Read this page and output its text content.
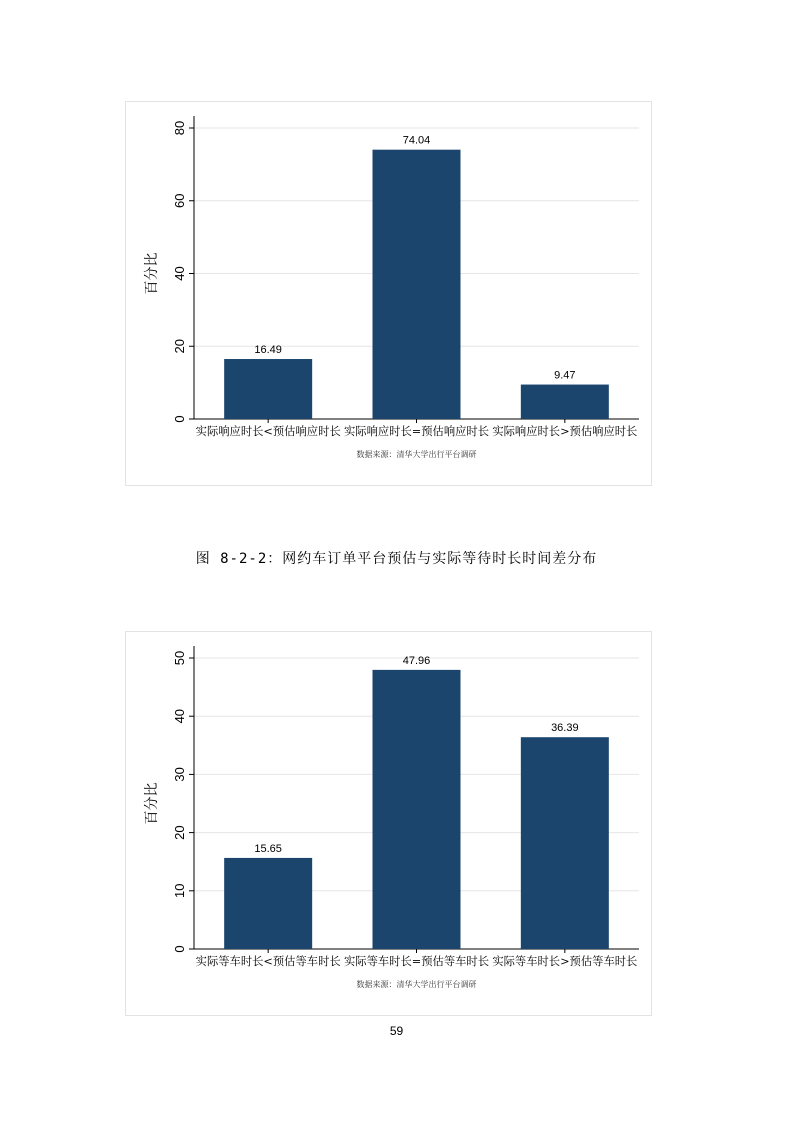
0
20
40
60
80
百分比
16.49
实际响应时长<预估响应时长
74.04
实际响应时长=预估响应时长
9.47
实际响应时长>预估响应时长
数据来源：清华大学出行平台调研
图 8-2-2：网约车订单平台预估与实际等待时长时间差分布
0
10
20
30
40
50
百分比
15.65
实际等车时长<预估等车时长
47.96
实际等车时长=预估等车时长
36.39
实际等车时长>预估等车时长
数据来源：清华大学出行平台调研
59
